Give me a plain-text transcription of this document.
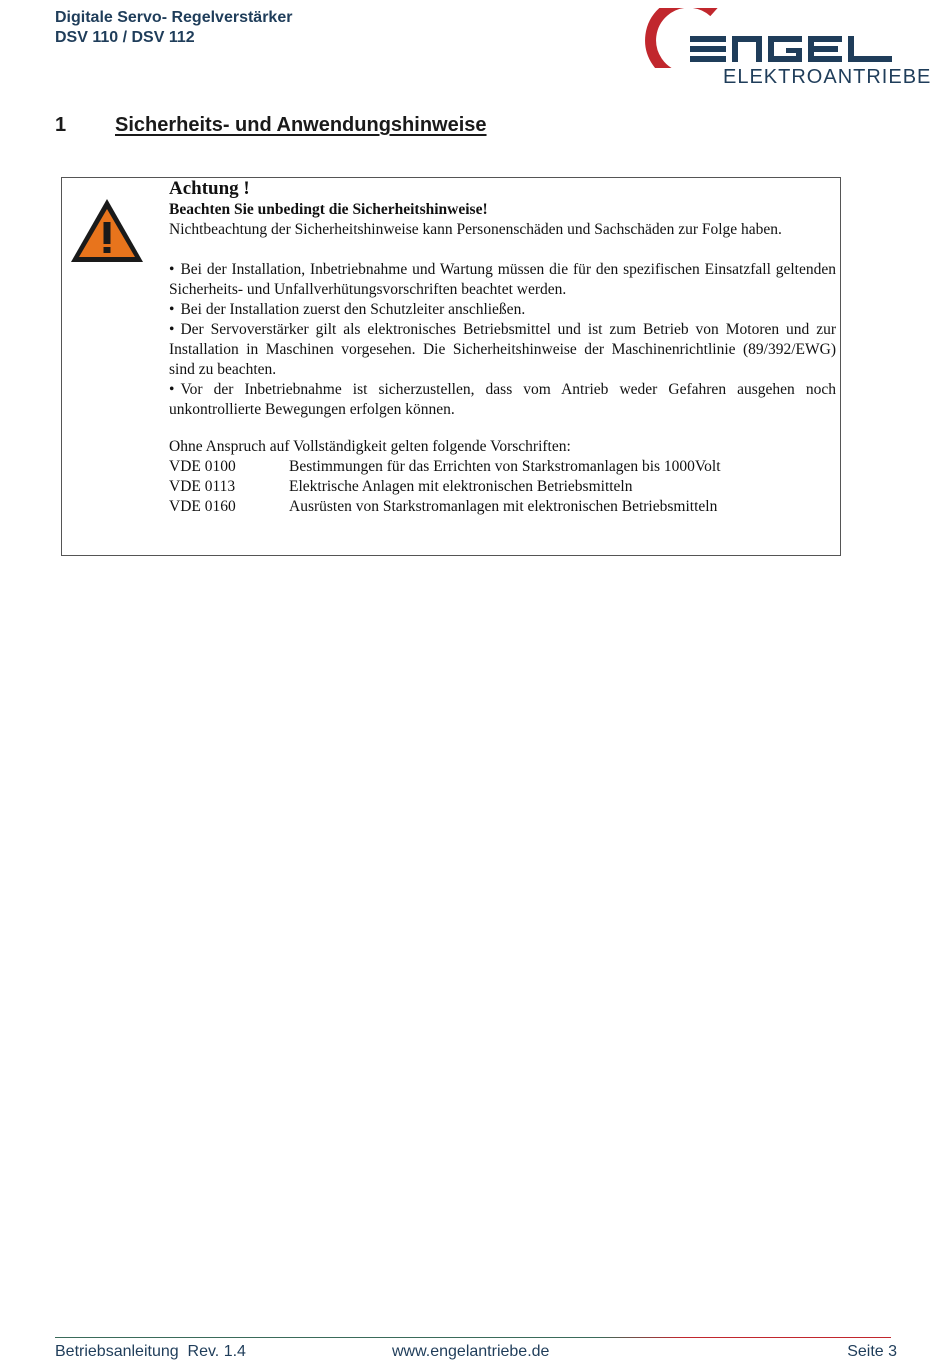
Digitale Servo- Regelverstärker
DSV 110 / DSV 112
ELEKTROANTRIEBE
1 Sicherheits- und Anwendungshinweise

Achtung !

Beachten Sie unbedingt die Sicherheitshinweise!

Nichtbeachtung der Sicherheitshinweise kann Personenschäden und Sachschäden zur Folge haben.

• Bei der Installation, Inbetriebnahme und Wartung müssen die für den spezifischen Einsatzfall geltenden Sicherheits- und Unfallverhütungsvorschriften beachtet werden.

• Bei der Installation zuerst den Schutzleiter anschließen.

• Der Servoverstärker gilt als elektronisches Betriebsmittel und ist zum Betrieb von Motoren und zur Installation in Maschinen vorgesehen. Die Sicherheitshinweise der Maschinenrichtlinie (89/392/EWG) sind zu beachten.

• Vor der Inbetriebnahme ist sicherzustellen, dass vom Antrieb weder Gefahren ausgehen noch unkontrollierte Bewegungen erfolgen können.

Ohne Anspruch auf Vollständigkeit gelten folgende Vorschriften:

VDE 0100	Bestimmungen für das Errichten von Starkstromanlagen bis 1000Volt
VDE 0113	Elektrische Anlagen mit elektronischen Betriebsmitteln
VDE 0160	Ausrüsten von Starkstromanlagen mit elektronischen Betriebsmitteln
Betriebsanleitung  Rev. 1.4	www.engelantriebe.de	Seite 3
